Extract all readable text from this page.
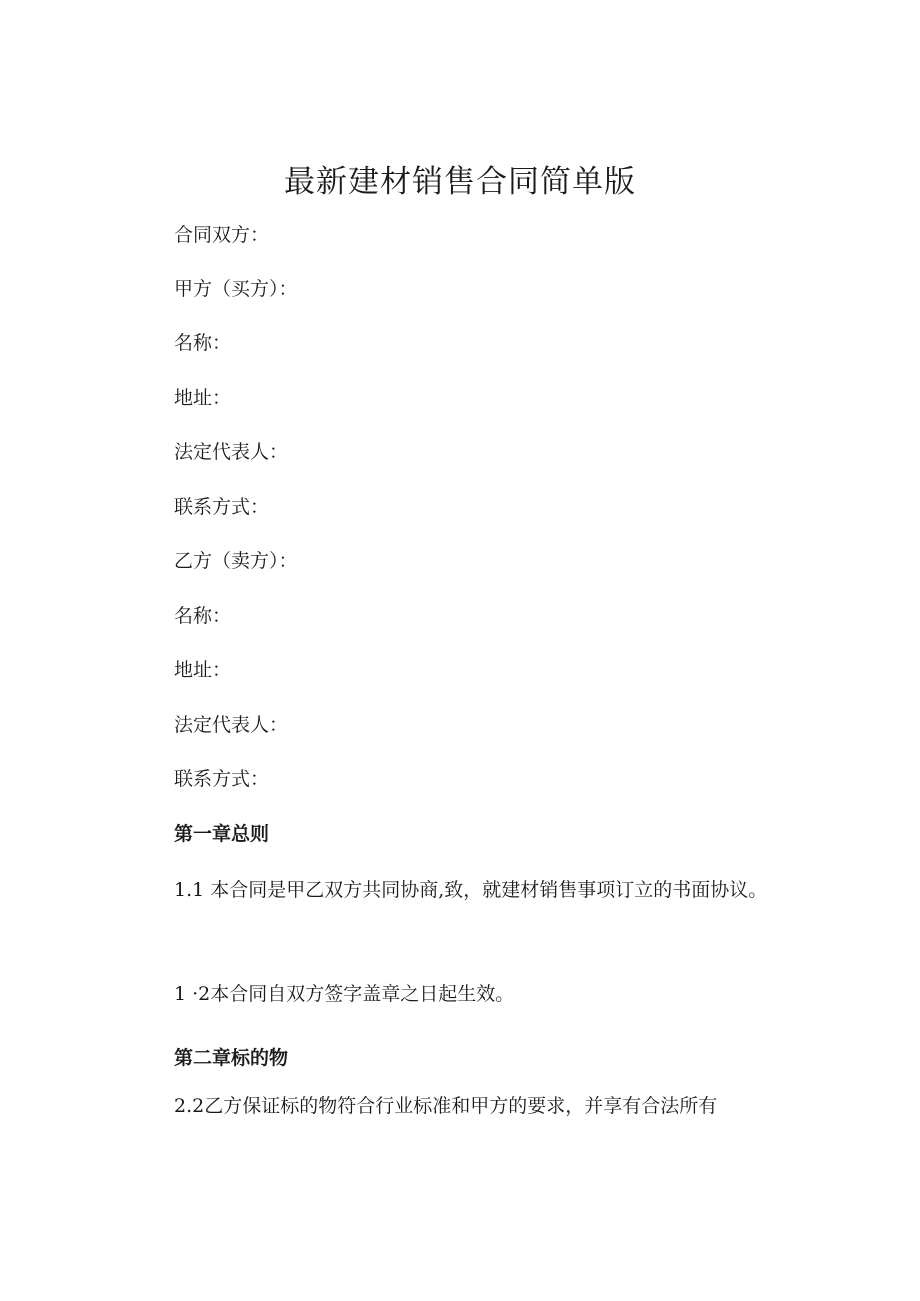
最新建材销售合同简单版
合同双方：
甲方（买方）：
名称：
地址：
法定代表人：
联系方式：
乙方（卖方）：
名称：
地址：
法定代表人：
联系方式：
第一章总则
1.1 本合同是甲乙双方共同协商,致，就建材销售事项订立的书面协议。
1 ·2本合同自双方签字盖章之日起生效。
第二章标的物
2.2乙方保证标的物符合行业标准和甲方的要求，并享有合法所有
